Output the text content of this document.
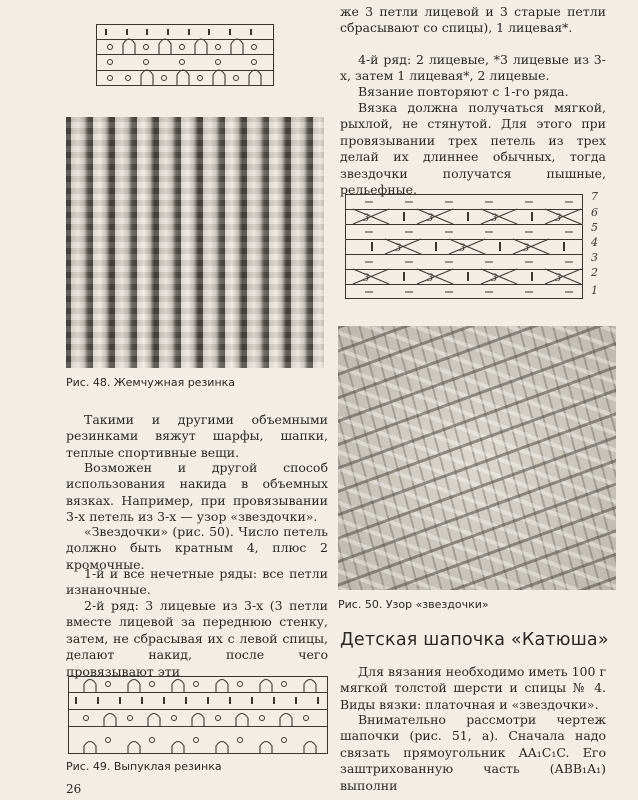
Рис. 48. Жемчужная резинка

Такими и другими объемными резинками вяжут шарфы, шапки, теплые спортивные вещи.

Возможен и другой способ использования накида в объемных вязках. Например, при провязывании 3-х петель из 3-х — узор «звездочки».

«Звездочки» (рис. 50). Число петель должно быть кратным 4, плюс 2 кромочные.

1-й и все нечетные ряды: все петли изнаночные.

2-й ряд: 3 лицевые из 3-х (3 петли вместе лицевой за переднюю стенку, затем, не сбрасывая их с левой спицы, делают накид, после чего провязывают эти

Рис. 49. Выпуклая резинка
26

же 3 петли лицевой и 3 старые петли сбрасывают со спицы), 1 лицевая*.

4-й ряд: 2 лицевые, *3 лицевые из 3-х, затем 1 лицевая*, 2 лицевые.

Вязание повторяют с 1-го ряда.

Вязка должна получаться мягкой, рыхлой, не стянутой. Для этого при провязывании трех петель из трех делай их длиннее обычных, тогда звездочки получатся пышные, рельефные.

3	3	3	3
3	3	3
3	3	3	3
7
6
5
4
3
2
1
Рис. 50. Узор «звездочки»
Детская шапочка «Катюша»

Для вязания необходимо иметь 100 г мягкой толстой шерсти и спицы № 4. Виды вязки: платочная и «звездочки».

Внимательно рассмотри чертеж шапочки (рис. 51, а). Сначала надо связать прямоугольник AA₁C₁C. Его заштрихованную часть (ABB₁A₁) выполни
